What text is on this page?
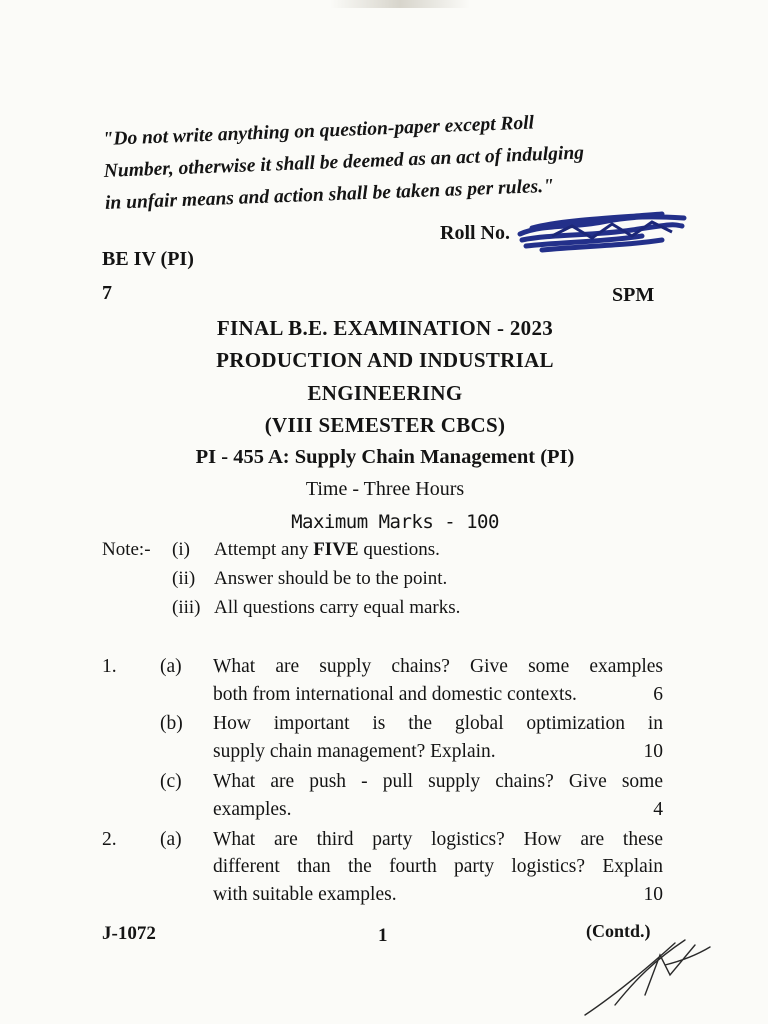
"Do not write anything on question-paper except Roll
Number, otherwise it shall be deemed as an act of indulging
in unfair means and action shall be taken as per rules."
Roll No.
BE IV (PI)
7	SPM
FINAL B.E. EXAMINATION - 2023
PRODUCTION AND INDUSTRIAL
ENGINEERING
(VIII SEMESTER CBCS)
PI - 455 A: Supply Chain Management (PI)
Time - Three Hours
Maximum Marks - 100
Note:- (i) Attempt any FIVE questions.
(ii) Answer should be to the point.
(iii) All questions carry equal marks.
1. (a) What are supply chains? Give some examples
both from international and domestic contexts.	6
(b) How important is the global optimization in
supply chain management? Explain.	10
(c) What are push - pull supply chains? Give some
examples.	4
2. (a) What are third party logistics? How are these
different than the fourth party logistics? Explain
with suitable examples.	10
J-1072	1	(Contd.)
